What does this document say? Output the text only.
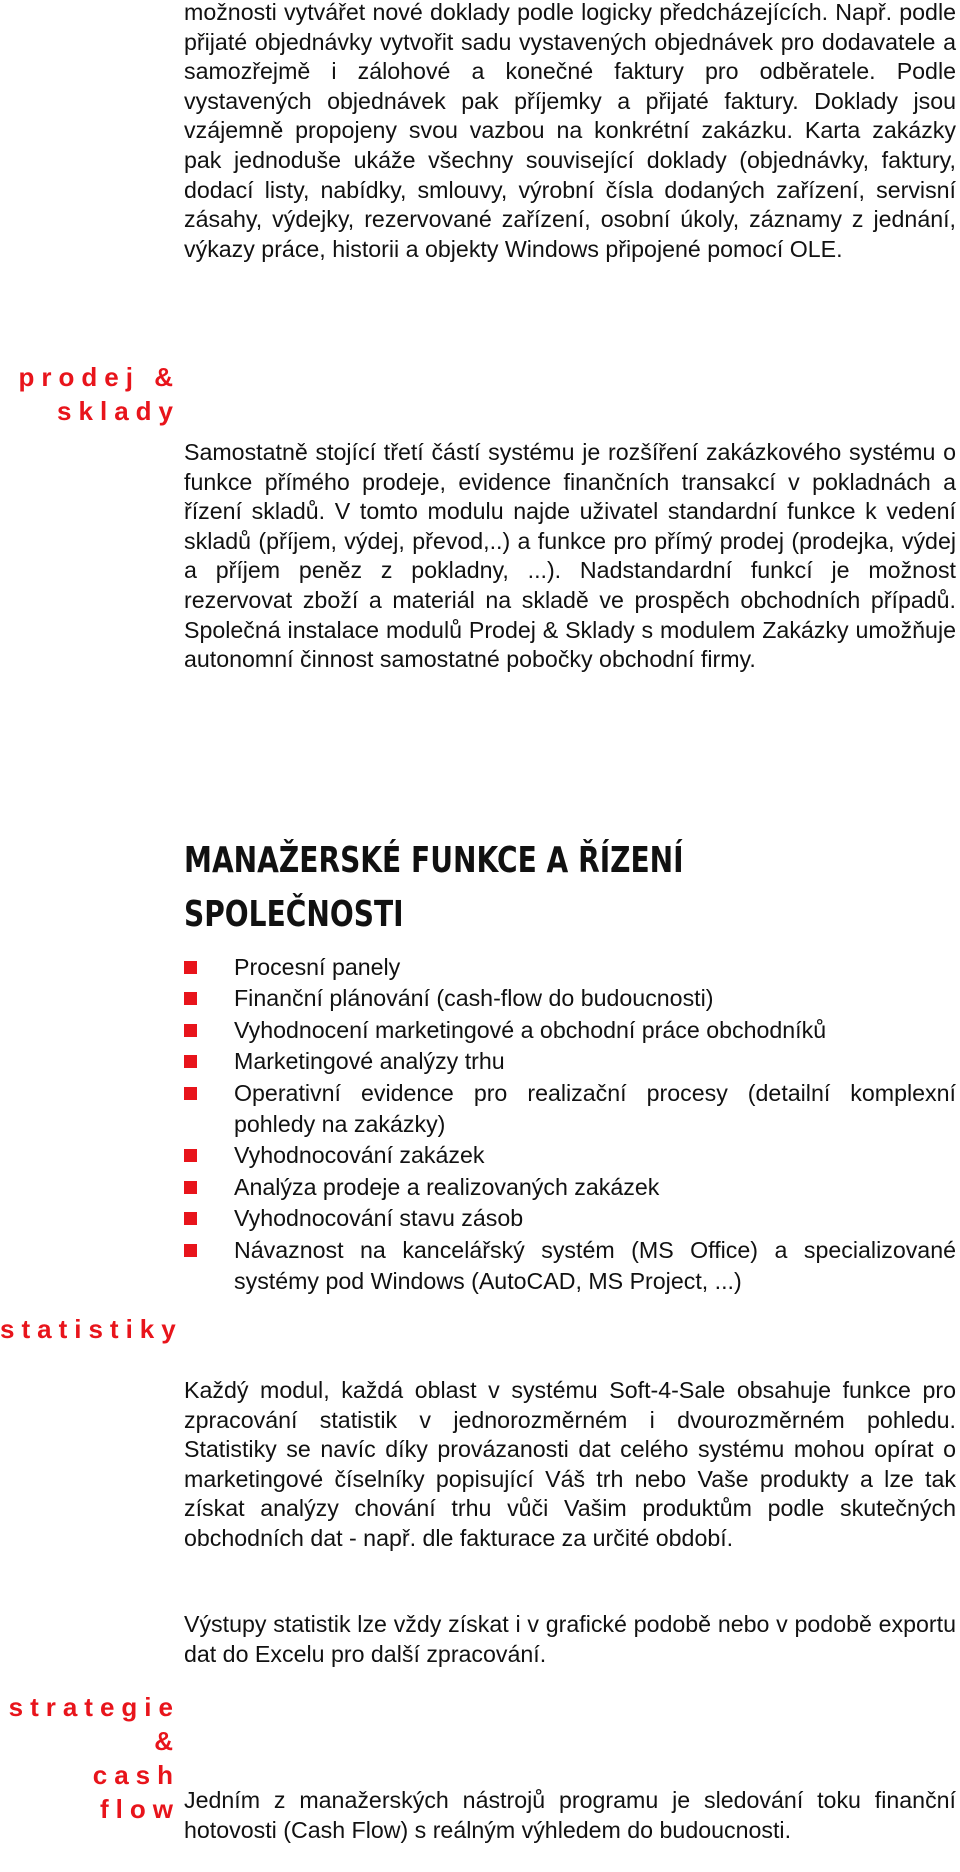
možnosti vytvářet nové doklady podle logicky předcházejících. Např. podle přijaté objednávky vytvořit sadu vystavených objednávek pro dodavatele a samozřejmě i zálohové a konečné faktury pro odběratele. Podle vystavených objednávek pak příjemky a přijaté faktury. Doklady jsou vzájemně propojeny svou vazbou na konkrétní zakázku. Karta zakázky pak jednoduše ukáže všechny související doklady (objednávky, faktury, dodací listy, nabídky, smlouvy, výrobní čísla dodaných zařízení, servisní zásahy, výdejky, rezervované zařízení, osobní úkoly, záznamy z jednání, výkazy práce, historii a objekty Windows připojené pomocí OLE.

prodej &
sklady

Samostatně stojící třetí částí systému je rozšíření zakázkového systému o funkce přímého prodeje, evidence finančních transakcí v pokladnách a řízení skladů. V tomto modulu najde uživatel standardní funkce k vedení skladů (příjem, výdej, převod,..) a funkce pro přímý prodej (prodejka, výdej a příjem peněz z pokladny, ...). Nadstandardní funkcí je možnost rezervovat zboží a materiál na skladě ve prospěch obchodních případů. Společná instalace modulů Prodej & Sklady s modulem Zakázky umožňuje autonomní činnost samostatné pobočky obchodní firmy.

MANAŽERSKÉ FUNKCE A ŘÍZENÍ
SPOLEČNOSTI
Procesní panely
Finanční plánování (cash-flow do budoucnosti)
Vyhodnocení marketingové a obchodní práce obchodníků
Marketingové analýzy trhu
Operativní evidence pro realizační procesy (detailní komplexní pohledy na zakázky)
Vyhodnocování zakázek
Analýza prodeje a realizovaných zakázek
Vyhodnocování stavu zásob
Návaznost na kancelářský systém (MS Office) a specializované systémy pod Windows (AutoCAD, MS Project, ...)
statistiky

Každý modul, každá oblast v systému Soft-4-Sale obsahuje funkce pro zpracování statistik v jednorozměrném i dvourozměrném pohledu. Statistiky se navíc díky provázanosti dat celého systému mohou opírat o marketingové číselníky popisující Váš trh nebo Vaše produkty a lze tak získat analýzy chování trhu vůči Vašim produktům podle skutečných obchodních dat - např. dle fakturace za určité období.

Výstupy statistik lze vždy získat i v grafické podobě nebo v podobě exportu dat do Excelu pro další zpracování.

strategie &
cash flow Jedním z manažerských nástrojů programu je sledování toku finanční hotovosti (Cash Flow) s reálným výhledem do budoucnosti.
